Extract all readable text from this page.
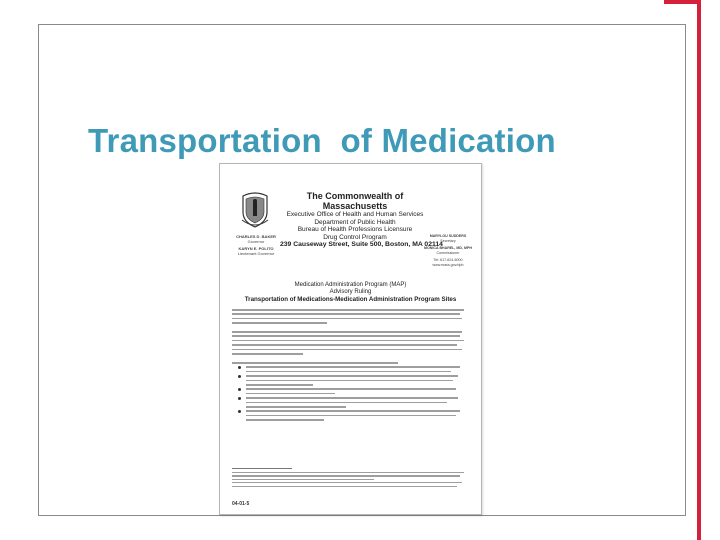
Transportation  of Medication
CHARLES D. BAKER
Governor
KARYN E. POLITO
Lieutenant Governor
The Commonwealth of Massachusetts
Executive Office of Health and Human Services
Department of Public Health
Bureau of Health Professions Licensure
Drug Control Program
239 Causeway Street, Suite 500, Boston, MA 02114
MARYLOU SUDDERS
Secretary
MONICA BHAREL, MD, MPH
Commissioner
Tel: 617-624-6000
www.mass.gov/dph
Medication Administration Program (MAP)
Advisory Ruling
Transportation of Medications-Medication Administration Program Sites
04-01-5
